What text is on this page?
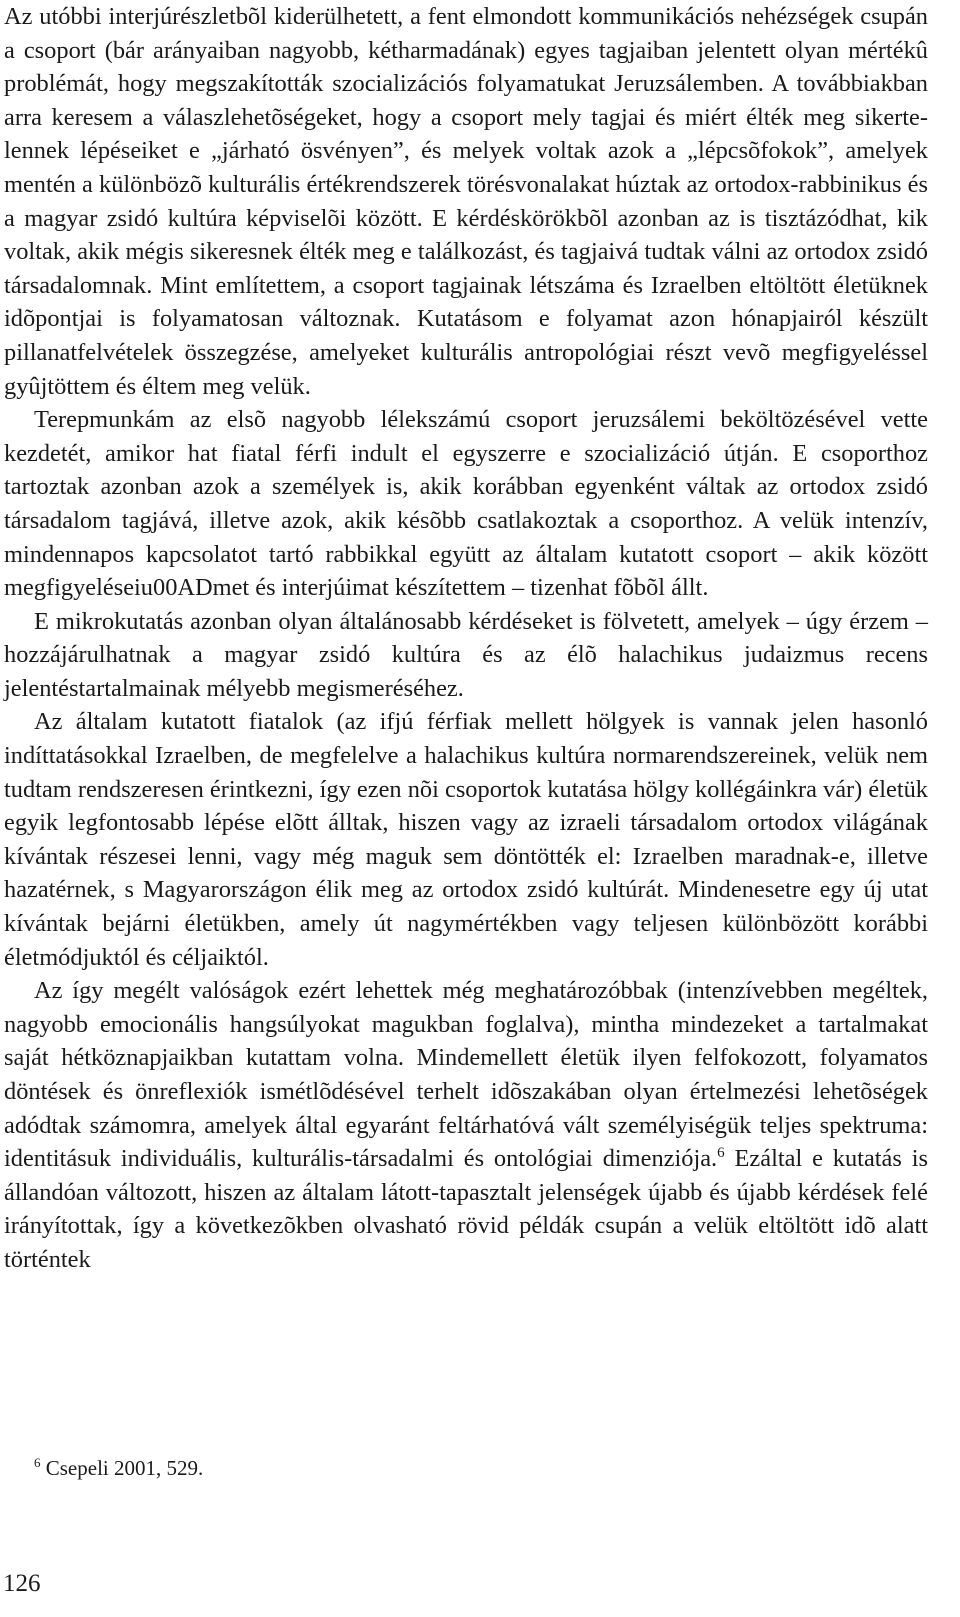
Az utóbbi interjúrészletbõl kiderülhetett, a fent elmondott kommunikációs nehézségek csupán a csoport (bár arányaiban nagyobb, kétharmadának) egyes tagjaiban jelentett olyan mértékû problémát, hogy megszakították szocializációs folyamatukat Jeruzsálemben. A továbbiakban arra keresem a válaszlehetõségeket, hogy a csoport mely tagjai és miért élték meg sikertelennek lépéseiket e „járható ösvényen”, és melyek voltak azok a „lépcsõfokok”, amelyek mentén a különbözõ kulturális értékrendszerek törésvonalakat húztak az ortodox-rabbinikus és a magyar zsidó kultúra képviselõi között. E kérdéskörökbõl azonban az is tisztázódhat, kik voltak, akik mégis sikeresnek élték meg e találkozást, és tagjaivá tudtak válni az ortodox zsidó társadalomnak. Mint említettem, a csoport tagjainak létszáma és Izraelben eltöltött életüknek idõpontjai is folyamatosan változnak. Kutatásom e folyamat azon hónapjairól készült pillanatfelvételek összegzése, amelyeket kulturális antropológiai részt vevõ megfigyeléssel gyûjtöttem és éltem meg velük.

Terepmunkám az elsõ nagyobb lélekszámú csoport jeruzsálemi beköltözésével vette kezdetét, amikor hat fiatal férfi indult el egyszerre e szocializáció útján. E csoporthoz tartoztak azonban azok a személyek is, akik korábban egyenként váltak az ortodox zsidó társadalom tagjává, illetve azok, akik késõbb csatlakoztak a csoporthoz. A velük intenzív, mindennapos kapcsolatot tartó rabbikkal együtt az általam kutatott csoport – akik között megfigyeléseiu00ADmet és interjúimat készítettem – tizenhat fõbõl állt.

E mikrokutatás azonban olyan általánosabb kérdéseket is fölvetett, amelyek – úgy érzem – hozzájárulhatnak a magyar zsidó kultúra és az élõ halachikus judaizmus recens jelentéstartalmainak mélyebb megismeréséhez.

Az általam kutatott fiatalok (az ifjú férfiak mellett hölgyek is vannak jelen hasonló indíttatásokkal Izraelben, de megfelelve a halachikus kultúra normarendszereinek, velük nem tudtam rendszeresen érintkezni, így ezen nõi csoportok kutatása hölgy kollégáinkra vár) életük egyik legfontosabb lépése elõtt álltak, hiszen vagy az izraeli társadalom ortodox világának kívántak részesei lenni, vagy még maguk sem döntötték el: Izraelben maradnak-e, illetve hazatérnek, s Magyarországon élik meg az ortodox zsidó kultúrát. Mindenesetre egy új utat kívántak bejárni életükben, amely út nagymértékben vagy teljesen különbözött korábbi életmódjuktól és céljaiktól.

Az így megélt valóságok ezért lehettek még meghatározóbbak (intenzívebben megéltek, nagyobb emocionális hangsúlyokat magukban foglalva), mintha mindezeket a tartalmakat saját hétköznapjaikban kutattam volna. Mindemellett életük ilyen felfokozott, folyamatos döntések és önreflexiók ismétlõdésével terhelt idõszakában olyan értelmezési lehetõségek adódtak számomra, amelyek által egyaránt feltárhatóvá vált személyiségük teljes spektruma: identitásuk individuális, kulturális-társadalmi és ontológiai dimenziója.$^6$ Ezáltal e kutatás is állandóan változott, hiszen az általam látott-tapasztalt jelenségek újabb és újabb kérdések felé irányítottak, így a következõkben olvasható rövid példák csupán a velük eltöltött idõ alatt történtek

$^6$ Csepeli 2001, 529.
126
